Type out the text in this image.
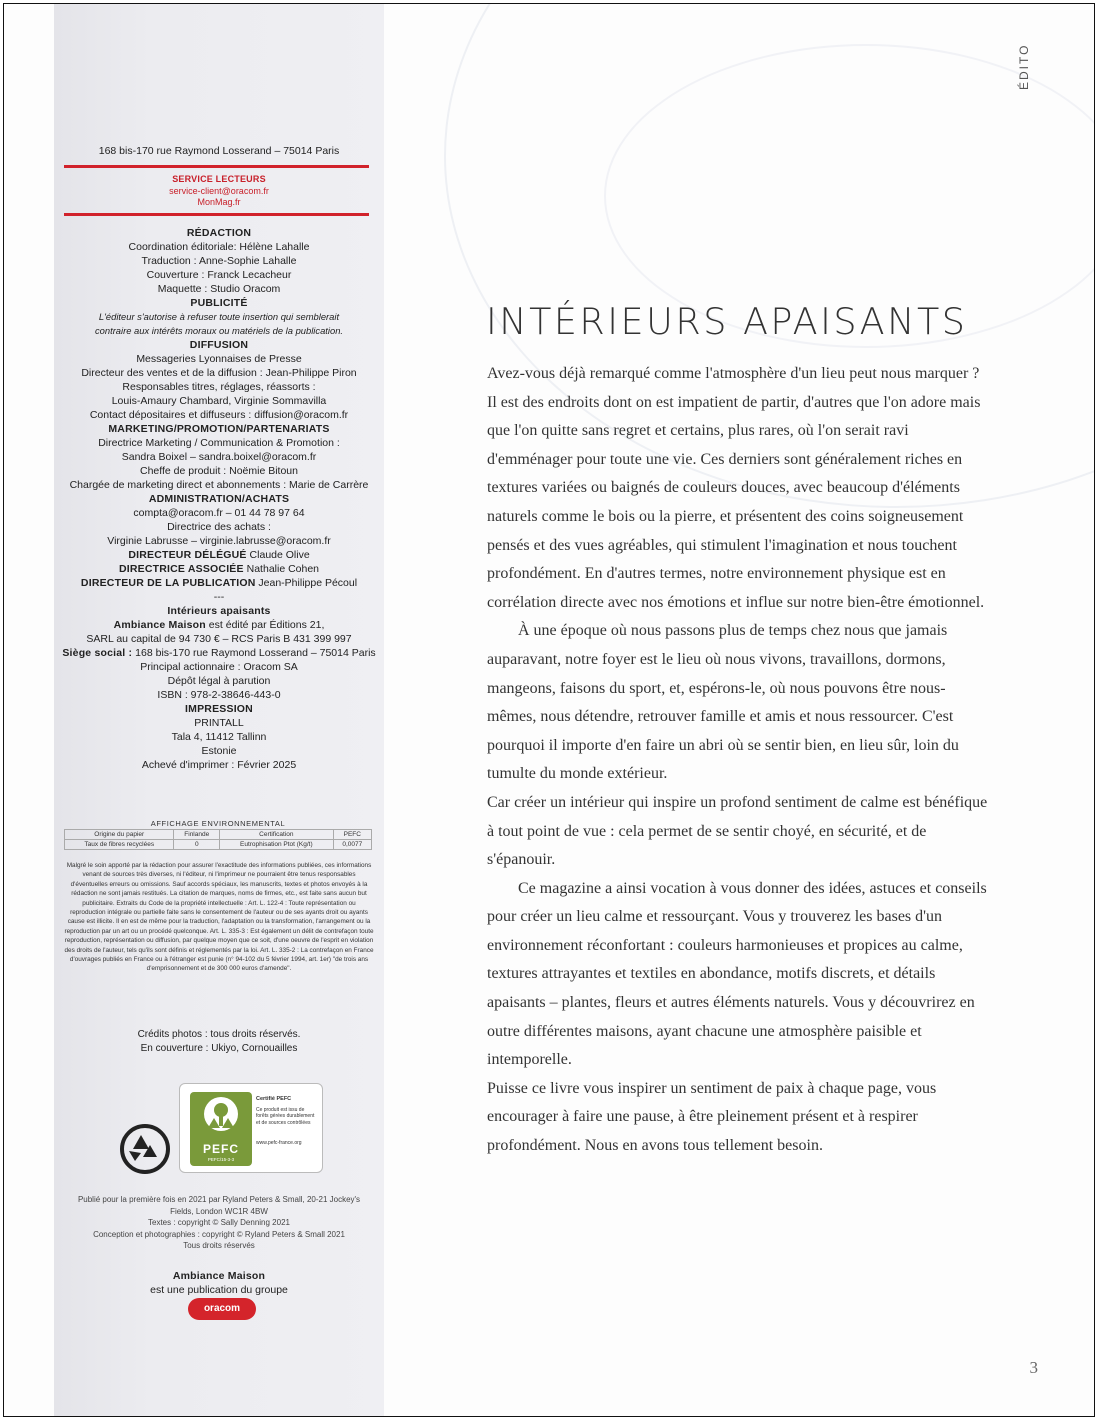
168 bis-170 rue Raymond Losserand – 75014 Paris

SERVICE LECTEURS

service-client@oracom.fr

MonMag.fr

RÉDACTION

Coordination éditoriale: Hélène Lahalle

Traduction : Anne-Sophie Lahalle

Couverture : Franck Lecacheur

Maquette : Studio Oracom

PUBLICITÉ

L'éditeur s'autorise à refuser toute insertion qui semblerait

contraire aux intérêts moraux ou matériels de la publication.

DIFFUSION

Messageries Lyonnaises de Presse

Directeur des ventes et de la diffusion : Jean-Philippe Piron

Responsables titres, réglages, réassorts :

Louis-Amaury Chambard, Virginie Sommavilla

Contact dépositaires et diffuseurs : diffusion@oracom.fr

MARKETING/PROMOTION/PARTENARIATS

Directrice Marketing / Communication & Promotion :

Sandra Boixel – sandra.boixel@oracom.fr

Cheffe de produit : Noëmie Bitoun

Chargée de marketing direct et abonnements : Marie de Carrère

ADMINISTRATION/ACHATS

compta@oracom.fr – 01 44 78 97 64

Directrice des achats :

Virginie Labrusse – virginie.labrusse@oracom.fr

DIRECTEUR DÉLÉGUÉ Claude Olive

DIRECTRICE ASSOCIÉE Nathalie Cohen

DIRECTEUR DE LA PUBLICATION Jean-Philippe Pécoul

---

Intérieurs apaisants

Ambiance Maison est édité par Éditions 21,

SARL au capital de 94 730 € – RCS Paris B 431 399 997

Siège social : 168 bis-170 rue Raymond Losserand – 75014 Paris

Principal actionnaire : Oracom SA

Dépôt légal à parution

ISBN : 978-2-38646-443-0

IMPRESSION

PRINTALL

Tala 4, 11412 Tallinn

Estonie

Achevé d'imprimer : Février 2025

AFFICHAGE ENVIRONNEMENTAL
Origine du papier	Finlande	Certification	PEFC
Taux de fibres recyclées	0	Eutrophisation Ptot (Kg/t)	0,0077

Malgré le soin apporté par la rédaction pour assurer l'exactitude des informations publiées, ces informations venant de sources très diverses, ni l'éditeur, ni l'imprimeur ne pourraient être tenus responsables d'éventuelles erreurs ou omissions. Sauf accords spéciaux, les manuscrits, textes et photos envoyés à la rédaction ne sont jamais restitués. La citation de marques, noms de firmes, etc., est faite sans aucun but publicitaire. Extraits du Code de la propriété intellectuelle : Art. L. 122-4 : Toute représentation ou reproduction intégrale ou partielle faite sans le consentement de l'auteur ou de ses ayants droit ou ayants cause est illicite. Il en est de même pour la traduction, l'adaptation ou la transformation, l'arrangement ou la reproduction par un art ou un procédé quelconque. Art. L. 335-3 : Est également un délit de contrefaçon toute reproduction, représentation ou diffusion, par quelque moyen que ce soit, d'une oeuvre de l'esprit en violation des droits de l'auteur, tels qu'ils sont définis et réglementés par la loi. Art. L. 335-2 : La contrefaçon en France d'ouvrages publiés en France ou à l'étranger est punie (n° 94-102 du 5 février 1994, art. 1er) "de trois ans d'emprisonnement et de 300 000 euros d'amende".

Crédits photos : tous droits réservés.

En couverture : Ukiyo, Cornouailles

PEFC
PEFC/15-3-3
Certifié PEFC
Ce produit est issu de forêts gérées durablement et de sources contrôlées
www.pefc-france.org

Publié pour la première fois en 2021 par Ryland Peters & Small, 20-21 Jockey's

Fields, London WC1R 4BW

Textes : copyright © Sally Denning 2021

Conception et photographies : copyright © Ryland Peters & Small 2021

Tous droits réservés

Ambiance Maison

est une publication du groupe

oracom
ÉDITO
INTÉRIEURS APAISANTS

Avez-vous déjà remarqué comme l'atmosphère d'un lieu peut nous marquer ? Il est des endroits dont on est impatient de partir, d'autres que l'on adore mais que l'on quitte sans regret et certains, plus rares, où l'on serait ravi d'emménager pour toute une vie. Ces derniers sont généralement riches en textures variées ou baignés de couleurs douces, avec beaucoup d'éléments naturels comme le bois ou la pierre, et présentent des coins soigneusement pensés et des vues agréables, qui stimulent l'imagination et nous touchent profondément. En d'autres termes, notre environnement physique est en corrélation directe avec nos émotions et influe sur notre bien-être émotionnel.

À une époque où nous passons plus de temps chez nous que jamais auparavant, notre foyer est le lieu où nous vivons, travaillons, dormons, mangeons, faisons du sport, et, espérons-le, où nous pouvons être nous-mêmes, nous détendre, retrouver famille et amis et nous ressourcer. C'est pourquoi il importe d'en faire un abri où se sentir bien, en lieu sûr, loin du tumulte du monde extérieur.

Car créer un intérieur qui inspire un profond sentiment de calme est bénéfique à tout point de vue : cela permet de se sentir choyé, en sécurité, et de s'épanouir.

Ce magazine a ainsi vocation à vous donner des idées, astuces et conseils pour créer un lieu calme et ressourçant. Vous y trouverez les bases d'un environnement réconfortant : couleurs harmonieuses et propices au calme, textures attrayantes et textiles en abondance, motifs discrets, et détails apaisants – plantes, fleurs et autres éléments naturels. Vous y découvrirez en outre différentes maisons, ayant chacune une atmosphère paisible et intemporelle.

Puisse ce livre vous inspirer un sentiment de paix à chaque page, vous encourager à faire une pause, à être pleinement présent et à respirer profondément. Nous en avons tous tellement besoin.

3
